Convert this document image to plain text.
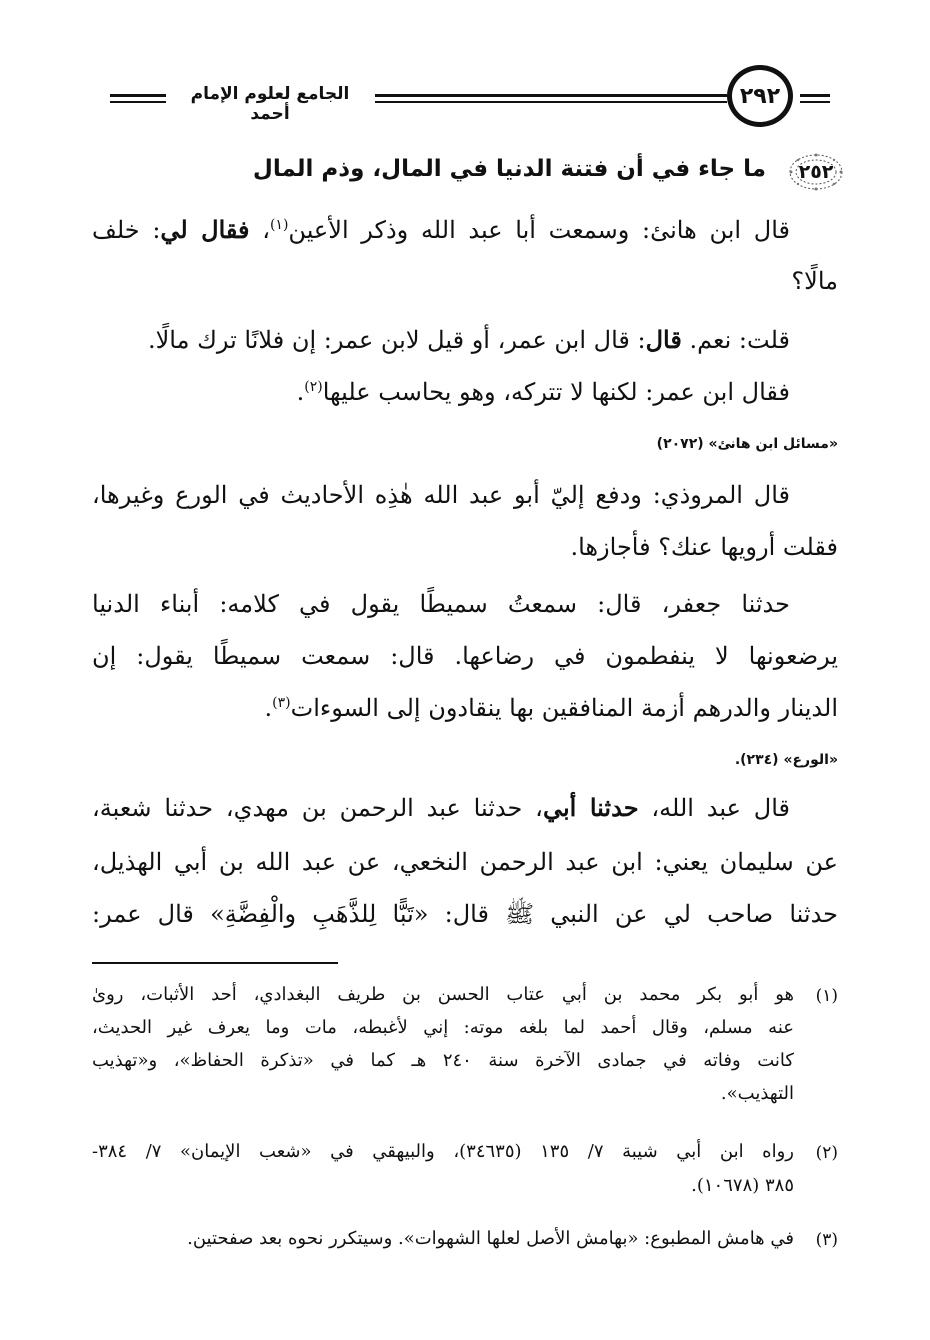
الجامع لعلوم الإمام أحمد
٢٩٢
٢٥٢
ما جاء في أن فتنة الدنيا في المال، وذم المال
قال ابن هانئ: وسمعت أبا عبد الله وذكر الأعين$^{(١)}$، فقال لي: خلف
مالًا؟
قلت: نعم. قال: قال ابن عمر، أو قيل لابن عمر: إن فلانًا ترك مالًا.
فقال ابن عمر: لكنها لا تتركه، وهو يحاسب عليها$^{(٢)}$.
«مسائل ابن هانئ» (٢٠٧٢)
قال المروذي: ودفع إليّ أبو عبد الله هٰذِه الأحاديث في الورع وغيرها،
فقلت أرويها عنك؟ فأجازها.
حدثنا جعفر، قال: سمعتُ سميطًا يقول في كلامه: أبناء الدنيا
يرضعونها لا ينفطمون في رضاعها. قال: سمعت سميطًا يقول: إن
الدينار والدرهم أزمة المنافقين بها ينقادون إلى السوءات$^{(٣)}$.
«الورع» (٢٣٤).
قال عبد الله، حدثنا أبي، حدثنا عبد الرحمن بن مهدي، حدثنا شعبة،
عن سليمان يعني: ابن عبد الرحمن النخعي، عن عبد الله بن أبي الهذيل،
حدثنا صاحب لي عن النبي ﷺ قال: «تَبًّا لِلذَّهَبِ والْفِضَّةِ» قال عمر:
(١)
هو أبو بكر محمد بن أبي عتاب الحسن بن طريف البغدادي، أحد الأثبات، روىٰ
عنه مسلم، وقال أحمد لما بلغه موته: إني لأغبطه، مات وما يعرف غير الحديث،
كانت وفاته في جمادى الآخرة سنة ٢٤٠ هـ كما في «تذكرة الحفاظ»، و«تهذيب
التهذيب».
(٢)
رواه ابن أبي شيبة ٧/ ١٣٥ (٣٤٦٣٥)، والبيهقي في «شعب الإيمان» ٧/ ٣٨٤-
٣٨٥ (١٠٦٧٨).
(٣)
في هامش المطبوع: «بهامش الأصل لعلها الشهوات». وسيتكرر نحوه بعد صفحتين.
